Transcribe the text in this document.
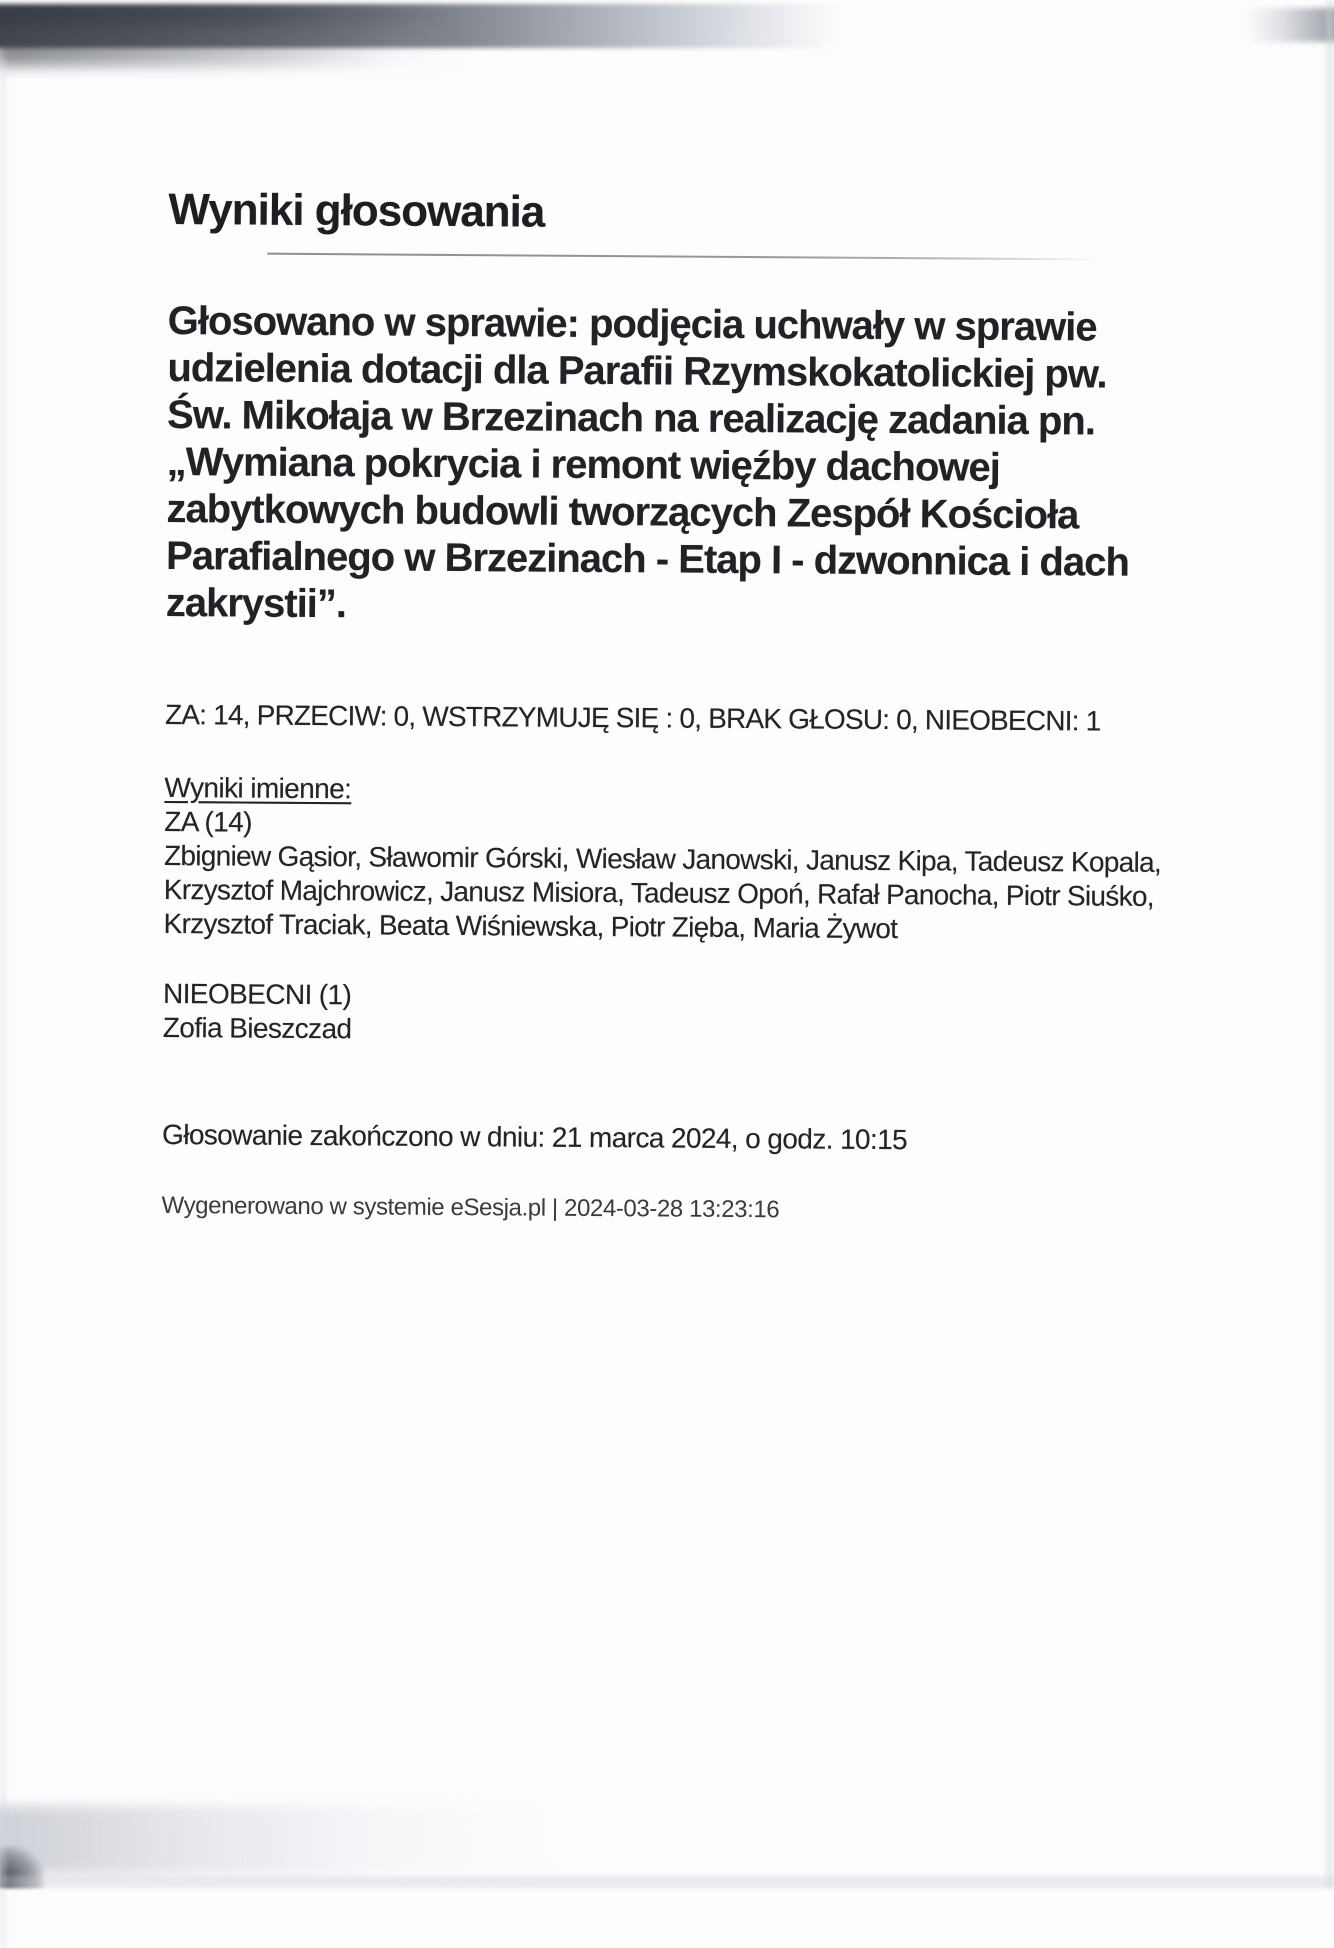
Wyniki głosowania
Głosowano w sprawie: podjęcia uchwały w sprawie
udzielenia dotacji dla Parafii Rzymskokatolickiej pw.
Św. Mikołaja w Brzezinach na realizację zadania pn.
„Wymiana pokrycia i remont więźby dachowej
zabytkowych budowli tworzących Zespół Kościoła
Parafialnego w Brzezinach - Etap I - dzwonnica i dach
zakrystii”.
ZA: 14, PRZECIW: 0, WSTRZYMUJĘ SIĘ : 0, BRAK GŁOSU: 0, NIEOBECNI: 1
Wyniki imienne:
ZA (14)
Zbigniew Gąsior, Sławomir Górski, Wiesław Janowski, Janusz Kipa, Tadeusz Kopala,
Krzysztof Majchrowicz, Janusz Misiora, Tadeusz Opoń, Rafał Panocha, Piotr Siuśko,
Krzysztof Traciak, Beata Wiśniewska, Piotr Zięba, Maria Żywot
NIEOBECNI (1)
Zofia Bieszczad
Głosowanie zakończono w dniu: 21 marca 2024, o godz. 10:15
Wygenerowano w systemie eSesja.pl | 2024-03-28 13:23:16
